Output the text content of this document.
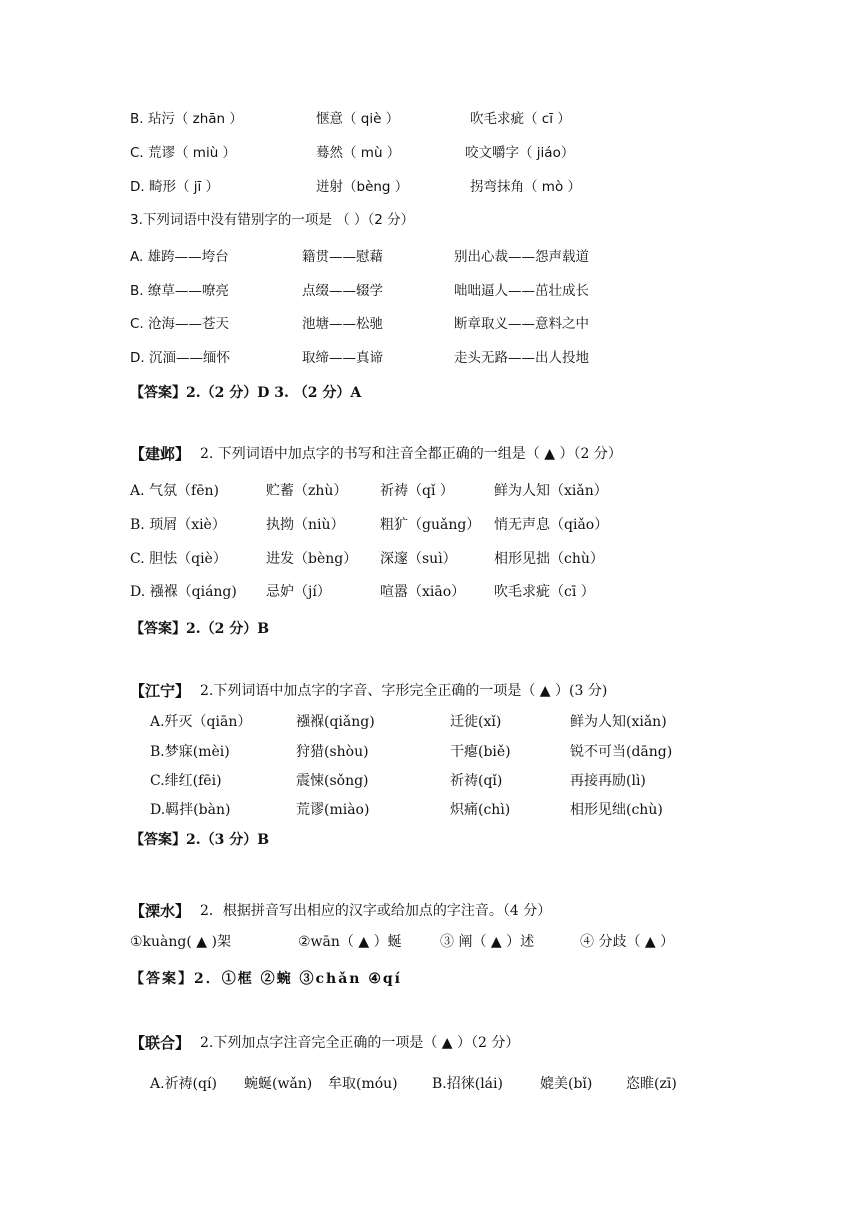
B. 玷污（ zhān ）	惬意（ qiè ）	吹毛求疵（ cī ）
C. 荒谬（ miù ）	蓦然（ mù ）	咬文嚼字（ jiáo）
D. 畸形（ jī ）	迸射（bèng ）	拐弯抹角（ mò ）
3.下列词语中没有错别字的一项是 （ ）（2 分）
A. 雄跨——垮台	籍贯——慰藉	别出心裁——怨声载道
B. 缭草——嘹亮	点缀——辍学	咄咄逼人——茁壮成长
C. 沧海——苍天	池塘——松驰	断章取义——意料之中
D. 沉湎——缅怀	取缔——真谛	走头无路——出人投地
【答案】2.（2 分）D 3. （2 分）A
【建邺】 2. 下列词语中加点字的书写和注音全都正确的一组是（ ▲ ）（2 分）
A. 气氛（fēn)	贮蓄（zhù） 祈祷（qǐ ）	鲜为人知（xiǎn）
B. 顼屑（xiè）	执拗（niù）	粗犷（guǎng） 悄无声息（qiǎo）
C. 胆怯（qiè）	进发（bèng） 深邃（suì）	相形见拙（chù）
D. 襁褓（qiáng) 忌妒（jí）	喧嚣（xiāo） 吹毛求疵（cī ）
【答案】2.（2 分）B
【江宁】 2.下列词语中加点字的字音、字形完全正确的一项是（ ▲ ）(3 分)
A.歼灭（qiān）	襁褓(qiǎng)	迁徙(xǐ)	鲜为人知(xiǎn)
B.梦寐(mèi)	狩猎(shòu)	干瘪(biě)	锐不可当(dāng)
C.绯红(fēi)	震悚(sǒng)	祈祷(qǐ)	再接再励(lì)
D.羁拌(bàn)	荒谬(miào)	炽痛(chì)	相形见绌(chù)
【答案】2.（3 分）B
【溧水】 2．根据拼音写出相应的汉字或给加点的字注音。（4 分）
①kuàng( ▲ )架	②wān（ ▲ ）蜒	③ 阐（ ▲ ）述	④ 分歧（ ▲ ）
【答案】2．①框 ②蜿 ③chǎn ④qí
【联合】 2.下列加点字注音完全正确的一项是（ ▲ ）（2 分）
A.祈祷(qí) 蜿蜒(wǎn) 牟取(móu) B.招徕(lái)	媲美(bǐ) 恣睢(zī)
